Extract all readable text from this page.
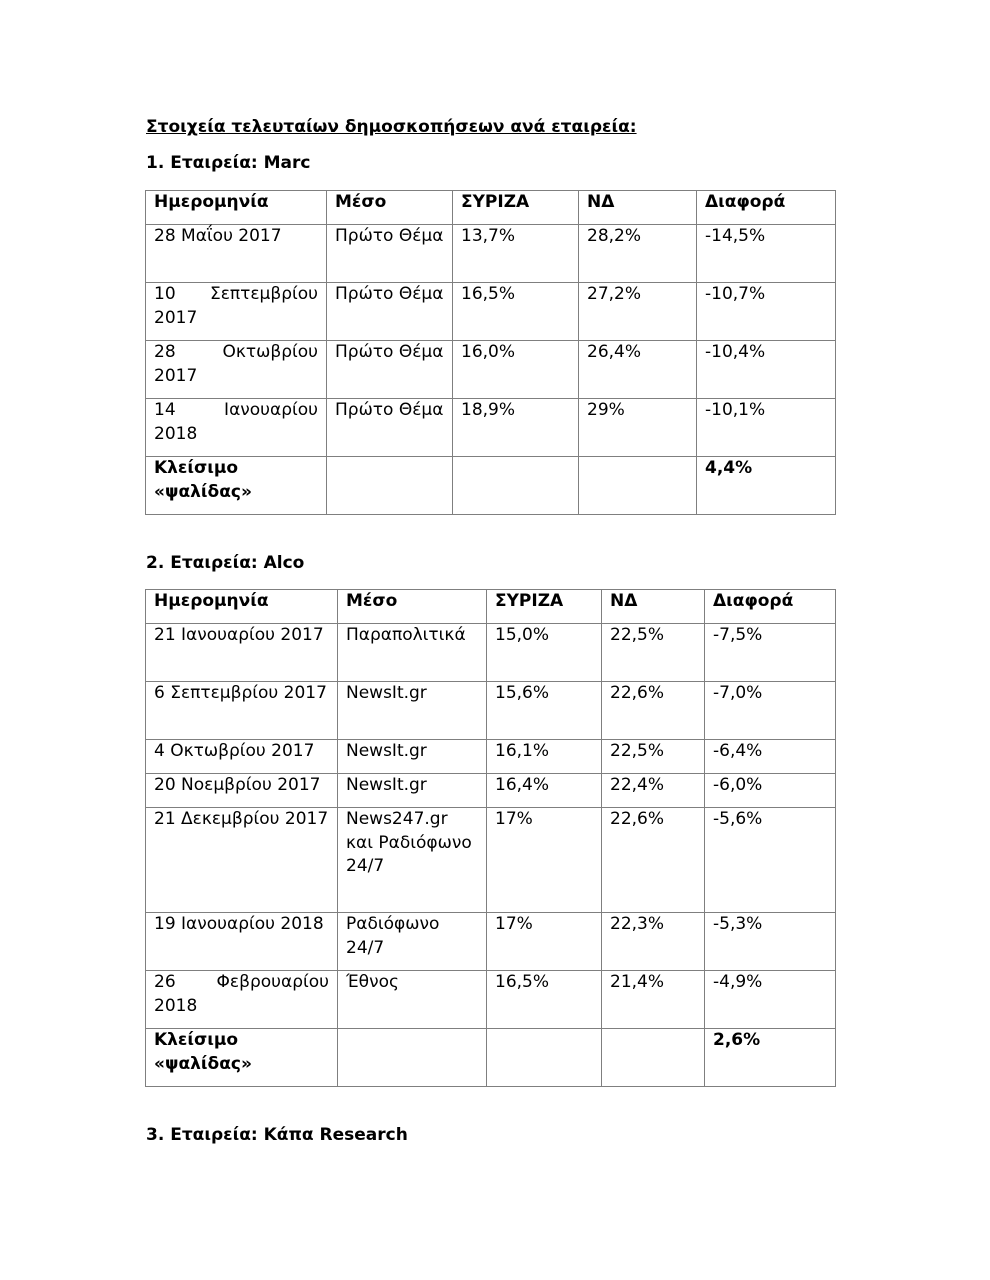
Στοιχεία τελευταίων δημοσκοπήσεων ανά εταιρεία:

1. Εταιρεία: Marc

Ημερομηνία	Μέσο	ΣΥΡΙΖΑ	ΝΔ	Διαφορά
28 Μαΐου 2017	Πρώτο Θέμα	13,7%	28,2%	-14,5%
10 Σεπτεμβρίου 2017	Πρώτο Θέμα	16,5%	27,2%	-10,7%
28 Οκτωβρίου 2017	Πρώτο Θέμα	16,0%	26,4%	-10,4%
14 Ιανουαρίου 2018	Πρώτο Θέμα	18,9%	29%	-10,1%
Κλείσιμο «ψαλίδας»				4,4%

2. Εταιρεία: Alco

Ημερομηνία	Μέσο	ΣΥΡΙΖΑ	ΝΔ	Διαφορά
21 Ιανουαρίου 2017	Παραπολιτικά	15,0%	22,5%	-7,5%
6 Σεπτεμβρίου 2017	NewsIt.gr	15,6%	22,6%	-7,0%
4 Οκτωβρίου 2017	NewsIt.gr	16,1%	22,5%	-6,4%
20 Νοεμβρίου 2017	NewsIt.gr	16,4%	22,4%	-6,0%
21 Δεκεμβρίου 2017	News247.gr και Ραδιόφωνο 24/7	17%	22,6%	-5,6%
19 Ιανουαρίου 2018	Ραδιόφωνο 24/7	17%	22,3%	-5,3%
26 Φεβρουαρίου 2018	Έθνος	16,5%	21,4%	-4,9%
Κλείσιμο «ψαλίδας»				2,6%

3. Εταιρεία: Κάπα Research
